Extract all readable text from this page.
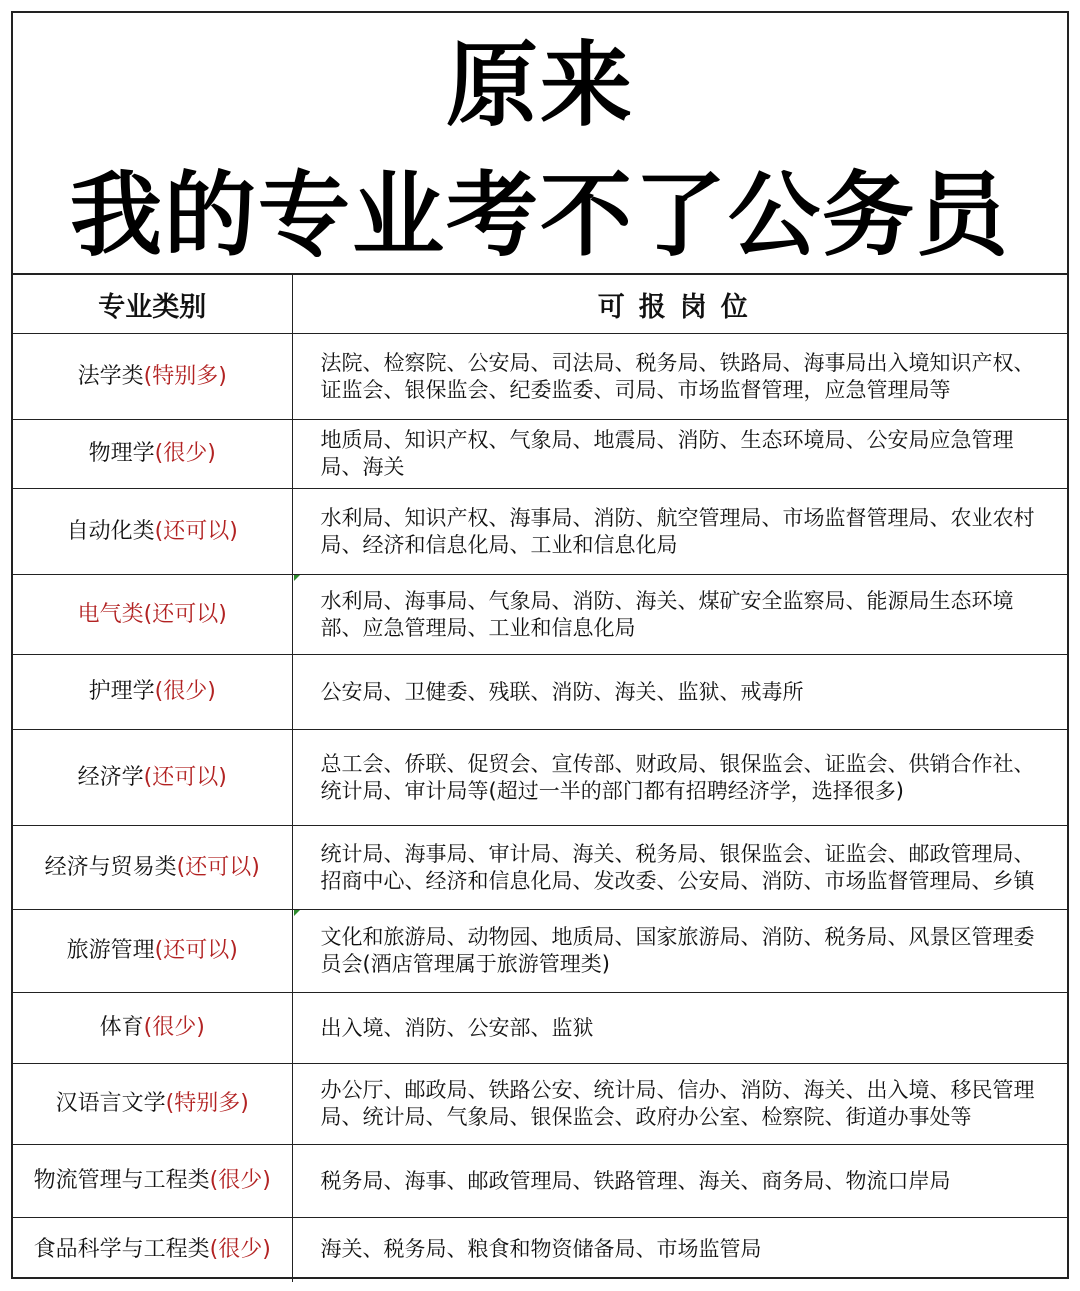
原来
我的专业考不了公务员
专业类别	可报岗位
法学类(特别多)	法院、检察院、公安局、司法局、税务局、铁路局、海事局出入境知识产权、证监会、银保监会、纪委监委、司局、市场监督管理，应急管理局等
物理学(很少)	地质局、知识产权、气象局、地震局、消防、生态环境局、公安局应急管理局、海关
自动化类(还可以)	水利局、知识产权、海事局、消防、航空管理局、市场监督管理局、农业农村局、经济和信息化局、工业和信息化局
电气类(还可以)	水利局、海事局、气象局、消防、海关、煤矿安全监察局、能源局生态环境部、应急管理局、工业和信息化局
护理学(很少)	公安局、卫健委、残联、消防、海关、监狱、戒毒所
经济学(还可以)	总工会、侨联、促贸会、宣传部、财政局、银保监会、证监会、供销合作社、统计局、审计局等(超过一半的部门都有招聘经济学，选择很多)
经济与贸易类(还可以)	统计局、海事局、审计局、海关、税务局、银保监会、证监会、邮政管理局、招商中心、经济和信息化局、发改委、公安局、消防、市场监督管理局、乡镇
旅游管理(还可以)	文化和旅游局、动物园、地质局、国家旅游局、消防、税务局、风景区管理委员会(酒店管理属于旅游管理类)
体育(很少)	出入境、消防、公安部、监狱
汉语言文学(特别多)	办公厅、邮政局、铁路公安、统计局、信办、消防、海关、出入境、移民管理局、统计局、气象局、银保监会、政府办公室、检察院、街道办事处等
物流管理与工程类(很少)	税务局、海事、邮政管理局、铁路管理、海关、商务局、物流口岸局
食品科学与工程类(很少)	海关、税务局、粮食和物资储备局、市场监管局
